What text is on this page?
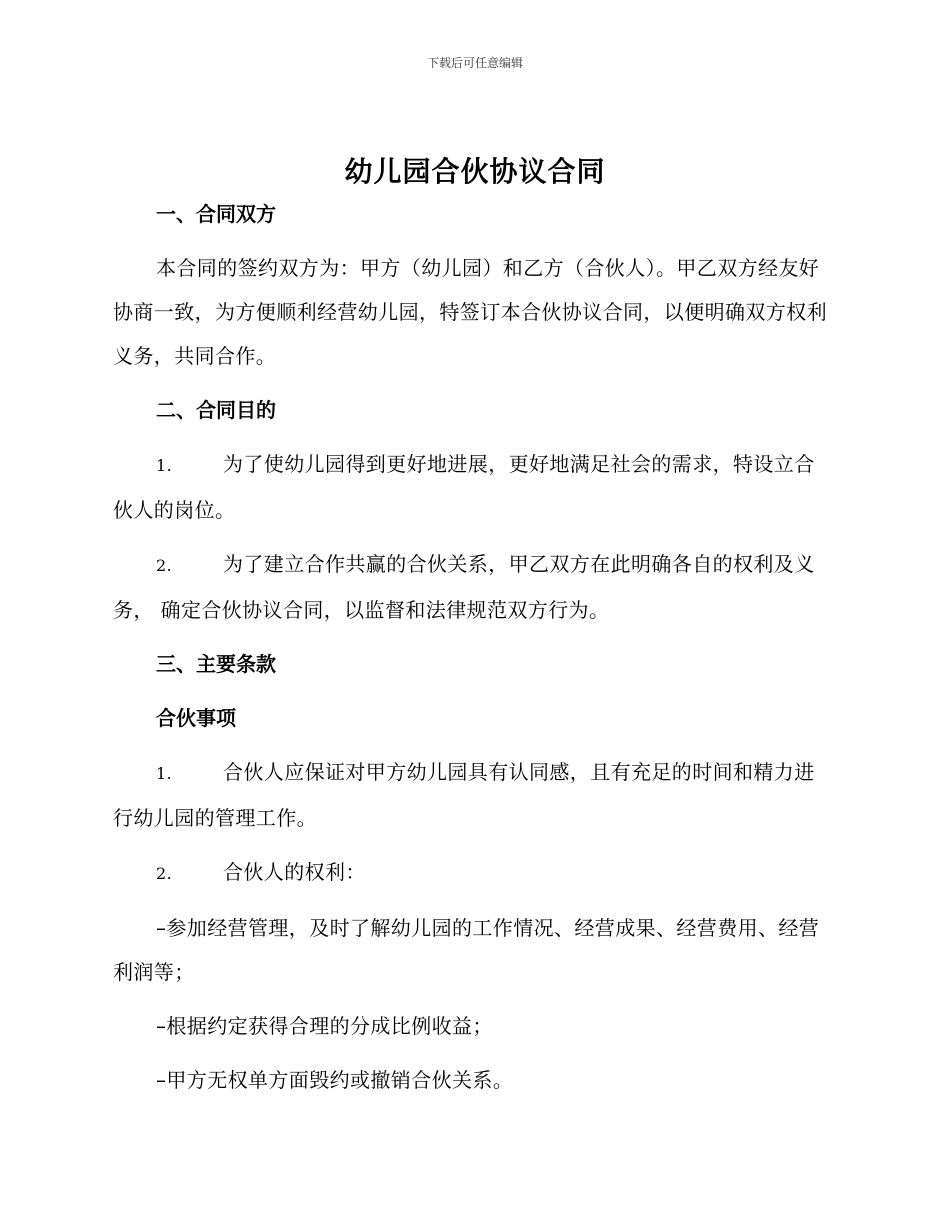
下载后可任意编辑
幼儿园合伙协议合同

一、合同双方

本合同的签约双方为：甲方（幼儿园）和乙方（合伙人）。甲乙双方经友好协商一致，为方便顺利经营幼儿园，特签订本合伙协议合同，以便明确双方权利义务，共同合作。

二、合同目的

1.	为了使幼儿园得到更好地进展，更好地满足社会的需求，特设立合伙人的岗位。

2.	为了建立合作共赢的合伙关系，甲乙双方在此明确各自的权利及义务， 确定合伙协议合同，以监督和法律规范双方行为。

三、主要条款

合伙事项

1.	合伙人应保证对甲方幼儿园具有认同感，且有充足的时间和精力进行幼儿园的管理工作。

2.	合伙人的权利：

–参加经营管理，及时了解幼儿园的工作情况、经营成果、经营费用、经营利润等；

–根据约定获得合理的分成比例收益；

–甲方无权单方面毁约或撤销合伙关系。
